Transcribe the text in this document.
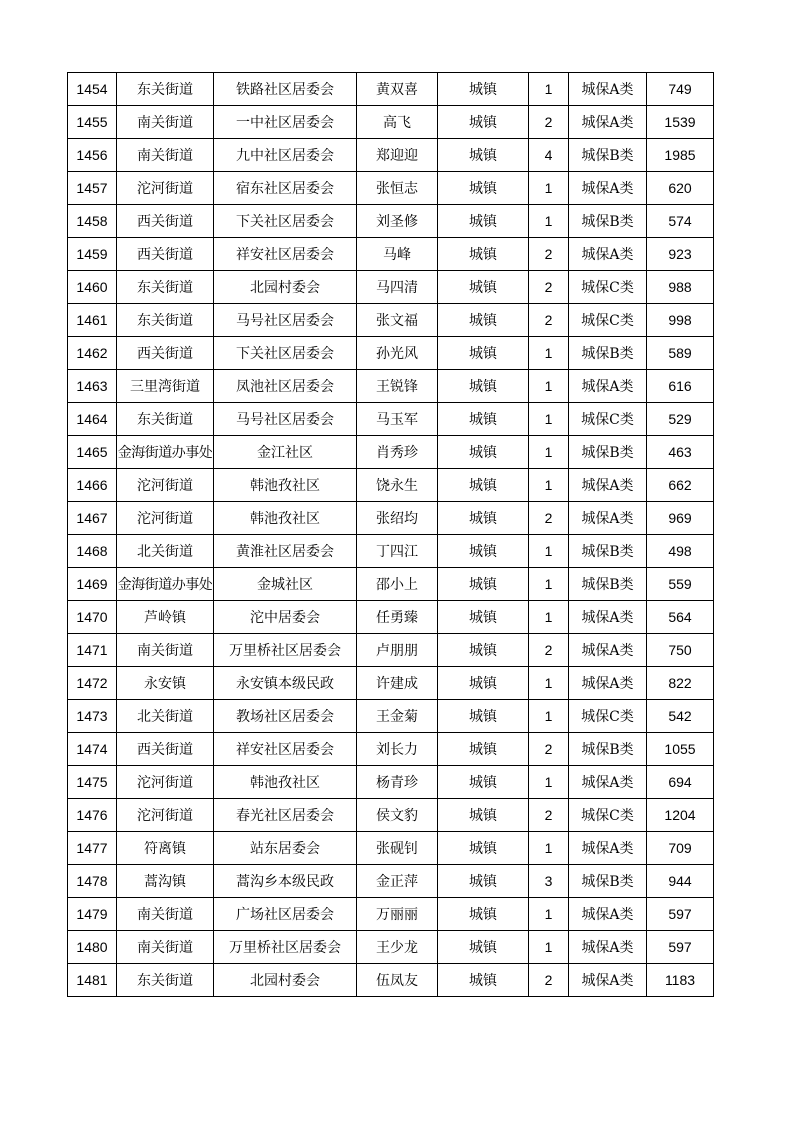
1454	东关街道	铁路社区居委会	黄双喜	城镇	1	城保A类	749
1455	南关街道	一中社区居委会	高飞	城镇	2	城保A类	1539
1456	南关街道	九中社区居委会	郑迎迎	城镇	4	城保B类	1985
1457	沱河街道	宿东社区居委会	张恒志	城镇	1	城保A类	620
1458	西关街道	下关社区居委会	刘圣修	城镇	1	城保B类	574
1459	西关街道	祥安社区居委会	马峰	城镇	2	城保A类	923
1460	东关街道	北园村委会	马四清	城镇	2	城保C类	988
1461	东关街道	马号社区居委会	张文福	城镇	2	城保C类	998
1462	西关街道	下关社区居委会	孙光风	城镇	1	城保B类	589
1463	三里湾街道	凤池社区居委会	王锐锋	城镇	1	城保A类	616
1464	东关街道	马号社区居委会	马玉军	城镇	1	城保C类	529
1465	金海街道办事处	金江社区	肖秀珍	城镇	1	城保B类	463
1466	沱河街道	韩池孜社区	饶永生	城镇	1	城保A类	662
1467	沱河街道	韩池孜社区	张绍均	城镇	2	城保A类	969
1468	北关街道	黄淮社区居委会	丁四江	城镇	1	城保B类	498
1469	金海街道办事处	金城社区	邵小上	城镇	1	城保B类	559
1470	芦岭镇	沱中居委会	任勇臻	城镇	1	城保A类	564
1471	南关街道	万里桥社区居委会	卢朋朋	城镇	2	城保A类	750
1472	永安镇	永安镇本级民政	许建成	城镇	1	城保A类	822
1473	北关街道	教场社区居委会	王金菊	城镇	1	城保C类	542
1474	西关街道	祥安社区居委会	刘长力	城镇	2	城保B类	1055
1475	沱河街道	韩池孜社区	杨青珍	城镇	1	城保A类	694
1476	沱河街道	春光社区居委会	侯文豹	城镇	2	城保C类	1204
1477	符离镇	站东居委会	张砚钊	城镇	1	城保A类	709
1478	蒿沟镇	蒿沟乡本级民政	金正萍	城镇	3	城保B类	944
1479	南关街道	广场社区居委会	万丽丽	城镇	1	城保A类	597
1480	南关街道	万里桥社区居委会	王少龙	城镇	1	城保A类	597
1481	东关街道	北园村委会	伍凤友	城镇	2	城保A类	1183
